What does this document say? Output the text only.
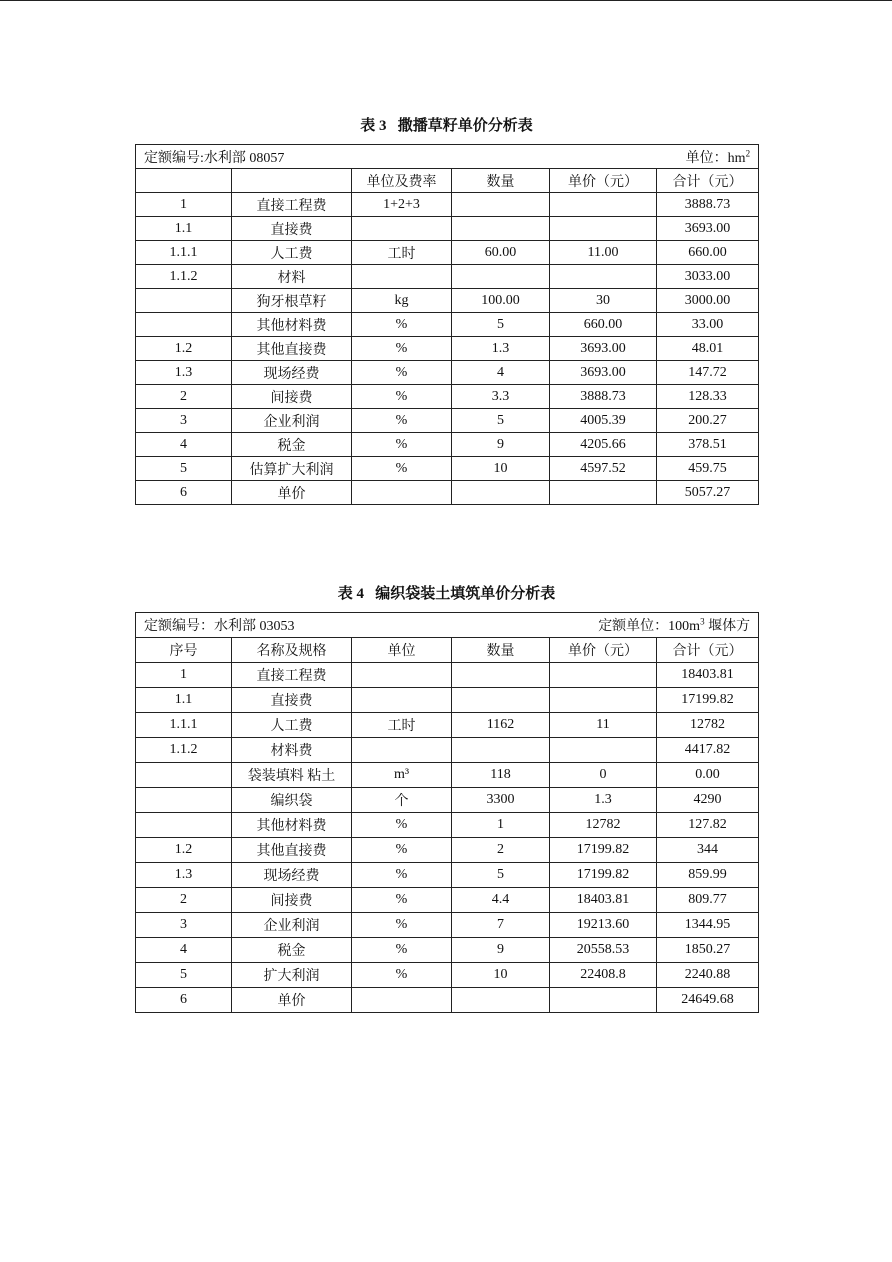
表 3   撒播草籽单价分析表
定额编号:水利部 08057 单位：$hm^2$

		单位及费率	数量	单价（元）	合计（元）
1	直接工程费	1+2+3			3888.73
1.1	直接费				3693.00
1.1.1	人工费	工时	60.00	11.00	660.00
1.1.2	材料				3033.00
	狗牙根草籽	kg	100.00	30	3000.00
	其他材料费	%	5	660.00	33.00
1.2	其他直接费	%	1.3	3693.00	48.01
1.3	现场经费	%	4	3693.00	147.72
2	间接费	%	3.3	3888.73	128.33
3	企业利润	%	5	4005.39	200.27
4	税金	%	9	4205.66	378.51
5	估算扩大利润	%	10	4597.52	459.75
6	单价				5057.27
表 4   编织袋装土填筑单价分析表
定额编号：水利部 03053 定额单位：$100m^3$ 堰体方					

序号	名称及规格	单位	数量	单价（元）	合计（元）
1	直接工程费				18403.81
1.1	直接费				17199.82
1.1.1	人工费	工时	1162	11	12782
1.1.2	材料费				4417.82
	袋装填料 粘土	m³	118	0	0.00
	编织袋	个	3300	1.3	4290
	其他材料费	%	1	12782	127.82
1.2	其他直接费	%	2	17199.82	344
1.3	现场经费	%	5	17199.82	859.99
2	间接费	%	4.4	18403.81	809.77
3	企业利润	%	7	19213.60	1344.95
4	税金	%	9	20558.53	1850.27
5	扩大利润	%	10	22408.8	2240.88
6	单价				24649.68
